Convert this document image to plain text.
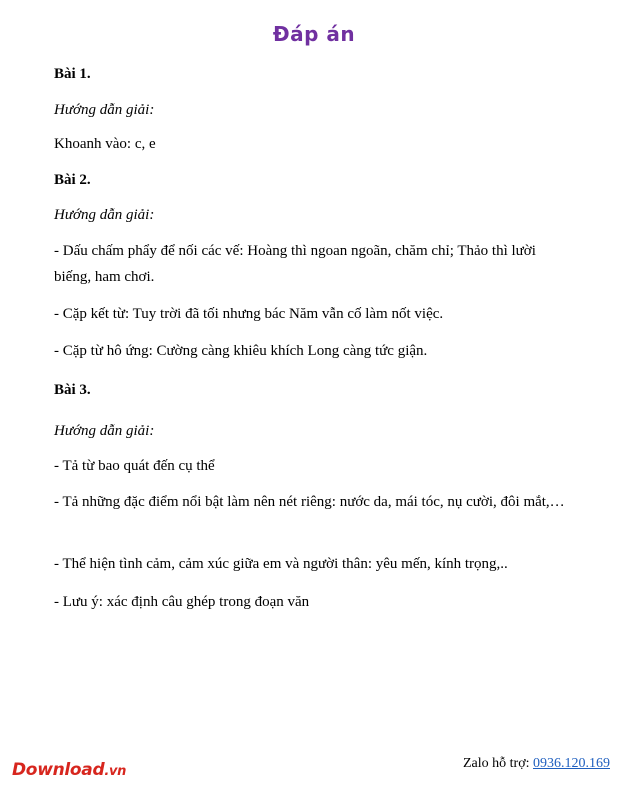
Đáp án
Bài 1.
Hướng dẫn giải:
Khoanh vào: c, e
Bài 2.
Hướng dẫn giải:
- Dấu chấm phẩy để nối các vế: Hoàng thì ngoan ngoãn, chăm chỉ; Thảo thì lười biếng, ham chơi.
- Cặp kết từ: Tuy trời đã tối nhưng bác Năm vẫn cố làm nốt việc.
- Cặp từ hô ứng: Cường càng khiêu khích Long càng tức giận.
Bài 3.
Hướng dẫn giải:
- Tả từ bao quát đến cụ thể
- Tả những đặc điểm nổi bật làm nên nét riêng: nước da, mái tóc, nụ cười, đôi mắt,…
- Thể hiện tình cảm, cảm xúc giữa em và người thân: yêu mến, kính trọng,..
- Lưu ý: xác định câu ghép trong đoạn văn
Download.vn
Zalo hỗ trợ: 0936.120.169
